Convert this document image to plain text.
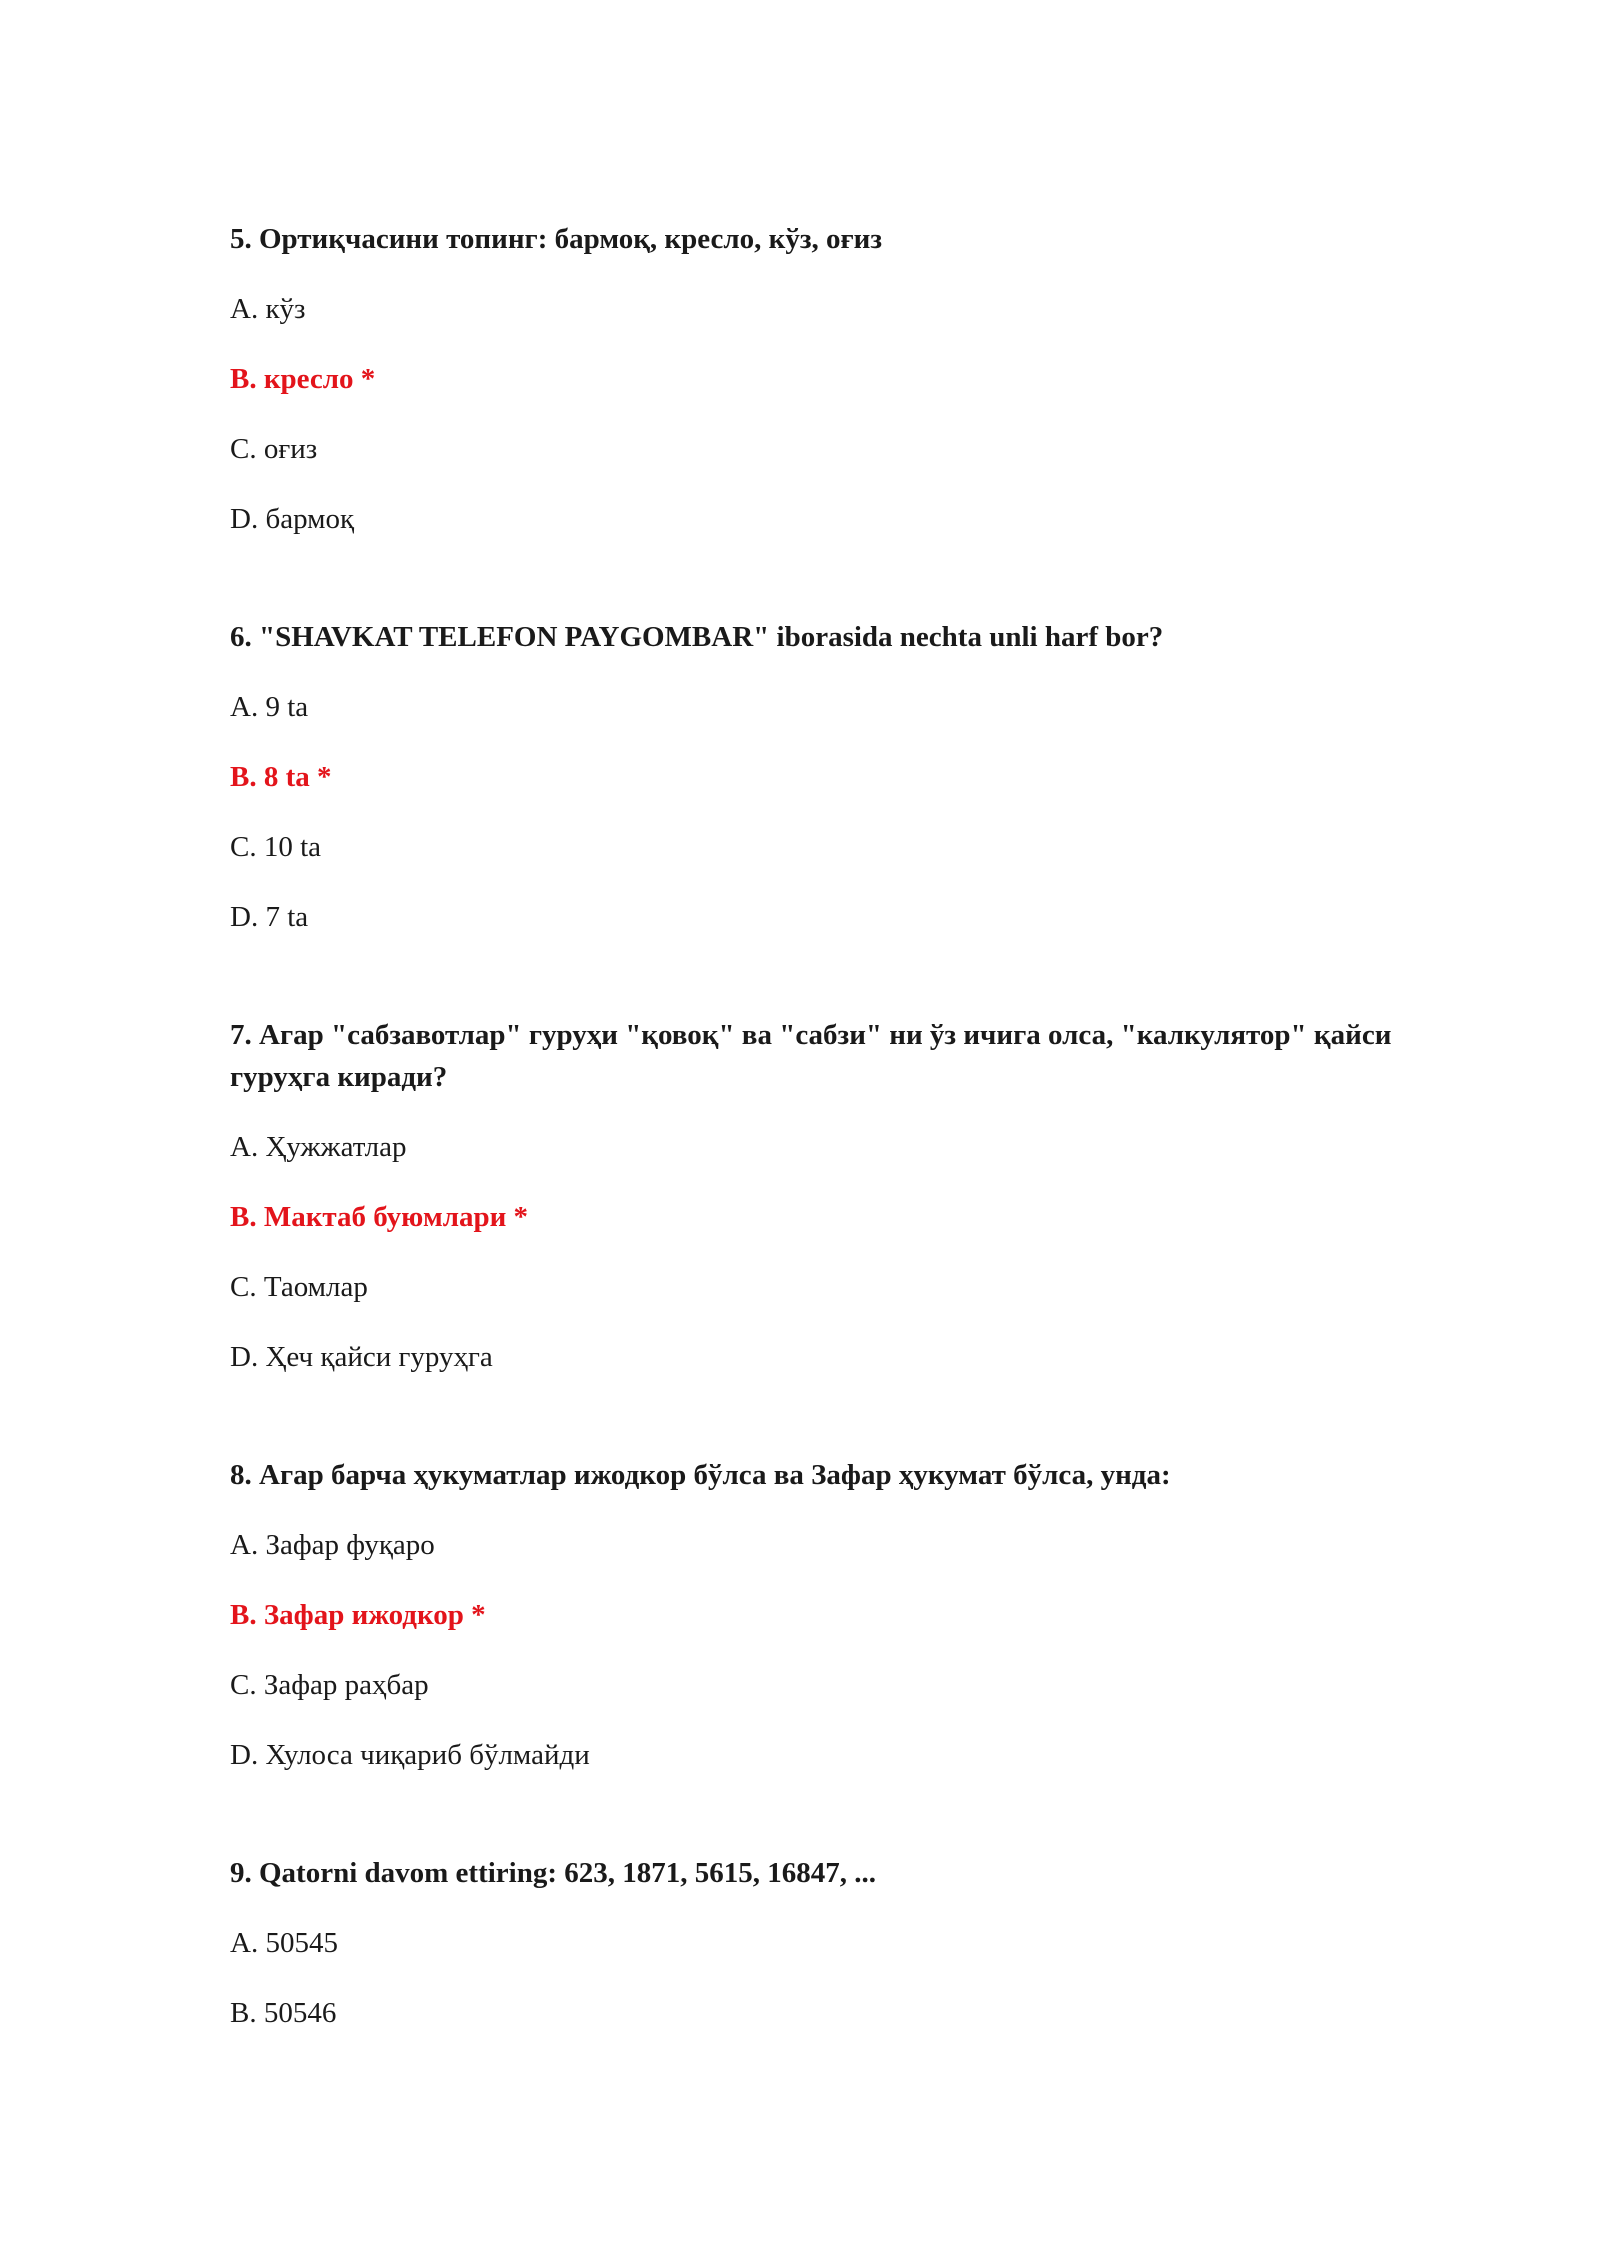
5. Ортиқчасини топинг: бармоқ, кресло, кўз, оғиз
A. кўз
B. кресло *
C. оғиз
D. бармоқ
6. "SHAVKAT TELEFON PAYGOMBAR" iborasida nechta unli harf bor?
A. 9 ta
B. 8 ta *
C. 10 ta
D. 7 ta
7. Агар "сабзавотлар" гуруҳи "қовоқ" ва "сабзи" ни ўз ичига олса, "калкулятор" қайси гуруҳга киради?
A. Ҳужжатлар
B. Мактаб буюмлари *
C. Таомлар
D. Ҳеч қайси гуруҳга
8. Агар барча ҳукуматлар ижодкор бўлса ва Зафар ҳукумат бўлса, унда:
A. Зафар фуқаро
B. Зафар ижодкор *
C. Зафар раҳбар
D. Хулоса чиқариб бўлмайди
9. Qatorni davom ettiring: 623, 1871, 5615, 16847, ...
A. 50545
B. 50546
